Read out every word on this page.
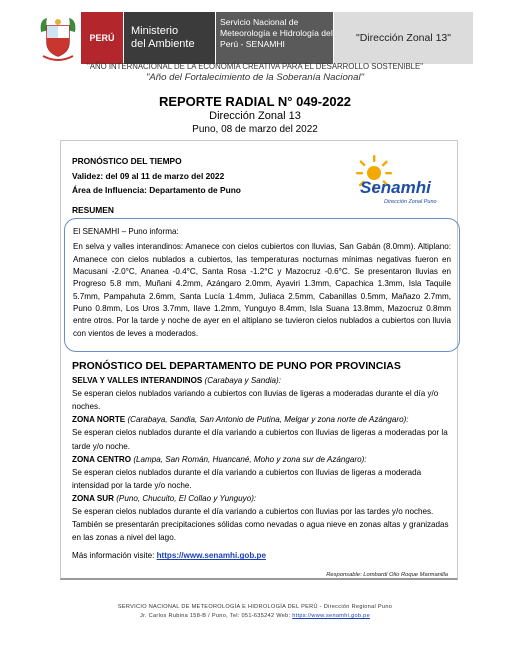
PERÚ
Ministerio
del Ambiente
Servicio Nacional de
Meteorología e Hidrología del
Perú - SENAMHI	"Dirección Zonal 13"
"AÑO INTERNACIONAL DE LA ECONOMÍA CREATIVA PARA EL DESARROLLO SOSTENIBLE"
"Año del Fortalecimiento de la Soberanía Nacional"
REPORTE RADIAL N° 049-2022
Dirección Zonal 13
Puno, 08 de marzo del 2022
PRONÓSTICO DEL TIEMPO
Validez: del 09 al 11 de marzo del 2022
Área de Influencia: Departamento de Puno
RESUMEN
Senamhi
Dirección Zonal Puno

El SENAMHI – Puno informa:

En selva y valles interandinos: Amanece con cielos cubiertos con lluvias, San Gabán (8.0mm). Altiplano: Amanece con cielos nublados a cubiertos, las temperaturas nocturnas mínimas negativas fueron en Macusani -2.0°C, Ananea -0.4°C, Santa Rosa -1.2°C y Mazocruz -0.6°C. Se presentaron lluvias en Progreso 5.8 mm, Muñani 4.2mm, Azángaro 2.0mm, Ayaviri 1.3mm, Capachica 1.3mm, Isla Taquile 5.7mm, Pampahuta 2.6mm, Santa Lucía 1.4mm, Juliaca 2.5mm, Cabanillas 0.5mm, Mañazo 2.7mm, Puno 0.8mm, Los Uros 3.7mm, Ilave 1.2mm, Yunguyo 8.4mm, Isla Suana 13.8mm, Mazocruz 0.8mm entre otros. Por la tarde y noche de ayer en el altiplano se tuvieron cielos nublados a cubiertos con lluvia con vientos de leves a moderados.

PRONÓSTICO DEL DEPARTAMENTO DE PUNO POR PROVINCIAS

SELVA Y VALLES INTERANDINOS (Carabaya y Sandia):

Se esperan cielos nublados variando a cubiertos con lluvias de ligeras a moderadas durante el día y/o noches.

ZONA NORTE (Carabaya, Sandia, San Antonio de Putina, Melgar y zona norte de Azángaro):

Se esperan cielos nublados durante el día variando a cubiertos con lluvias de ligeras a moderadas por la tarde y/o noche.

ZONA CENTRO (Lampa, San Román, Huancané, Moho y zona sur de Azángaro):

Se esperan cielos nublados durante el día variando a cubiertos con lluvias de ligeras a moderada intensidad por la tarde y/o noche.

ZONA SUR (Puno, Chucuito, El Collao y Yunguyo):

Se esperan cielos nublados durante el día variando a cubiertos con lluvias por las tardes y/o noches. También se presentarán precipitaciones sólidas como nevadas o agua nieve en zonas altas y granizadas en las zonas a nivel del lago.

Más información visite: https://www.senamhi.gob.pe

Responsable: Lombardi Olio Roque Marmanilla
SERVICIO NACIONAL DE METEOROLOGÍA E HIDROLOGÍA DEL PERÚ - Dirección Regional Puno
Jr. Carlos Rubina 158-B / Puno, Tel: 051-635242 Web: https://www.senamhi.gob.pe
